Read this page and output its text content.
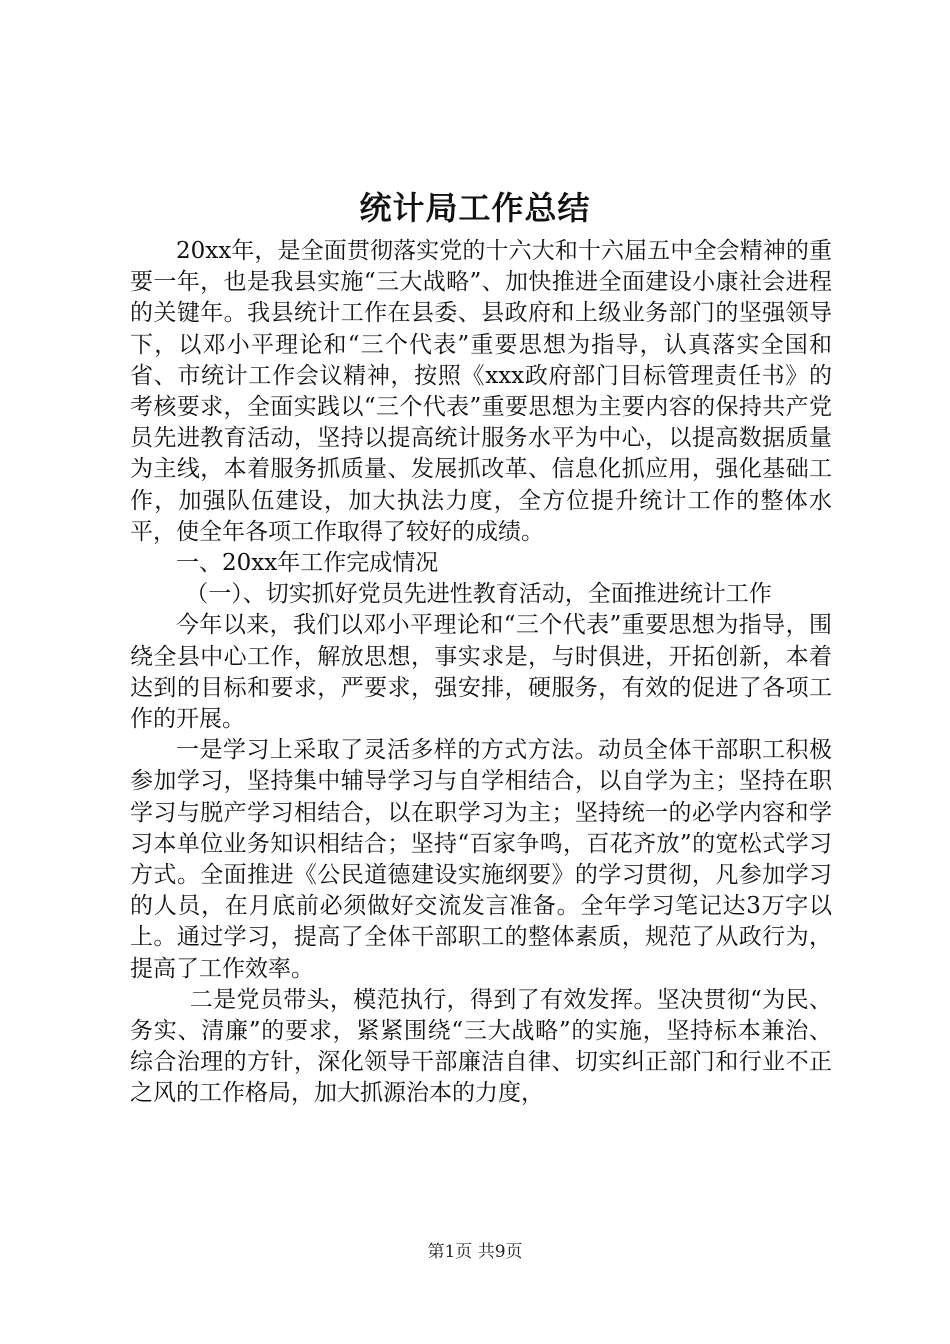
统计局工作总结

20xx年，是全面贯彻落实党的十六大和十六届五中全会精神的重要一年，也是我县实施“三大战略”、加快推进全面建设小康社会进程的关键年。我县统计工作在县委、县政府和上级业务部门的坚强领导下，以邓小平理论和“三个代表”重要思想为指导，认真落实全国和省、市统计工作会议精神，按照《xxx政府部门目标管理责任书》的考核要求，全面实践以“三个代表”重要思想为主要内容的保持共产党员先进教育活动，坚持以提高统计服务水平为中心，以提高数据质量为主线，本着服务抓质量、发展抓改革、信息化抓应用，强化基础工作，加强队伍建设，加大执法力度，全方位提升统计工作的整体水平，使全年各项工作取得了较好的成绩。

一、20xx年工作完成情况

（一）、切实抓好党员先进性教育活动，全面推进统计工作

今年以来，我们以邓小平理论和“三个代表”重要思想为指导，围绕全县中心工作，解放思想，事实求是，与时俱进，开拓创新，本着达到的目标和要求，严要求，强安排，硬服务，有效的促进了各项工作的开展。

一是学习上采取了灵活多样的方式方法。动员全体干部职工积极参加学习，坚持集中辅导学习与自学相结合，以自学为主；坚持在职学习与脱产学习相结合，以在职学习为主；坚持统一的必学内容和学习本单位业务知识相结合；坚持“百家争鸣，百花齐放”的宽松式学习方式。全面推进《公民道德建设实施纲要》的学习贯彻，凡参加学习的人员，在月底前必须做好交流发言准备。全年学习笔记达3万字以上。通过学习，提高了全体干部职工的整体素质，规范了从政行为，提高了工作效率。

二是党员带头，模范执行，得到了有效发挥。坚决贯彻“为民、务实、清廉”的要求，紧紧围绕“三大战略”的实施，坚持标本兼治、综合治理的方针，深化领导干部廉洁自律、切实纠正部门和行业不正之风的工作格局，加大抓源治本的力度，

第1页 共9页
